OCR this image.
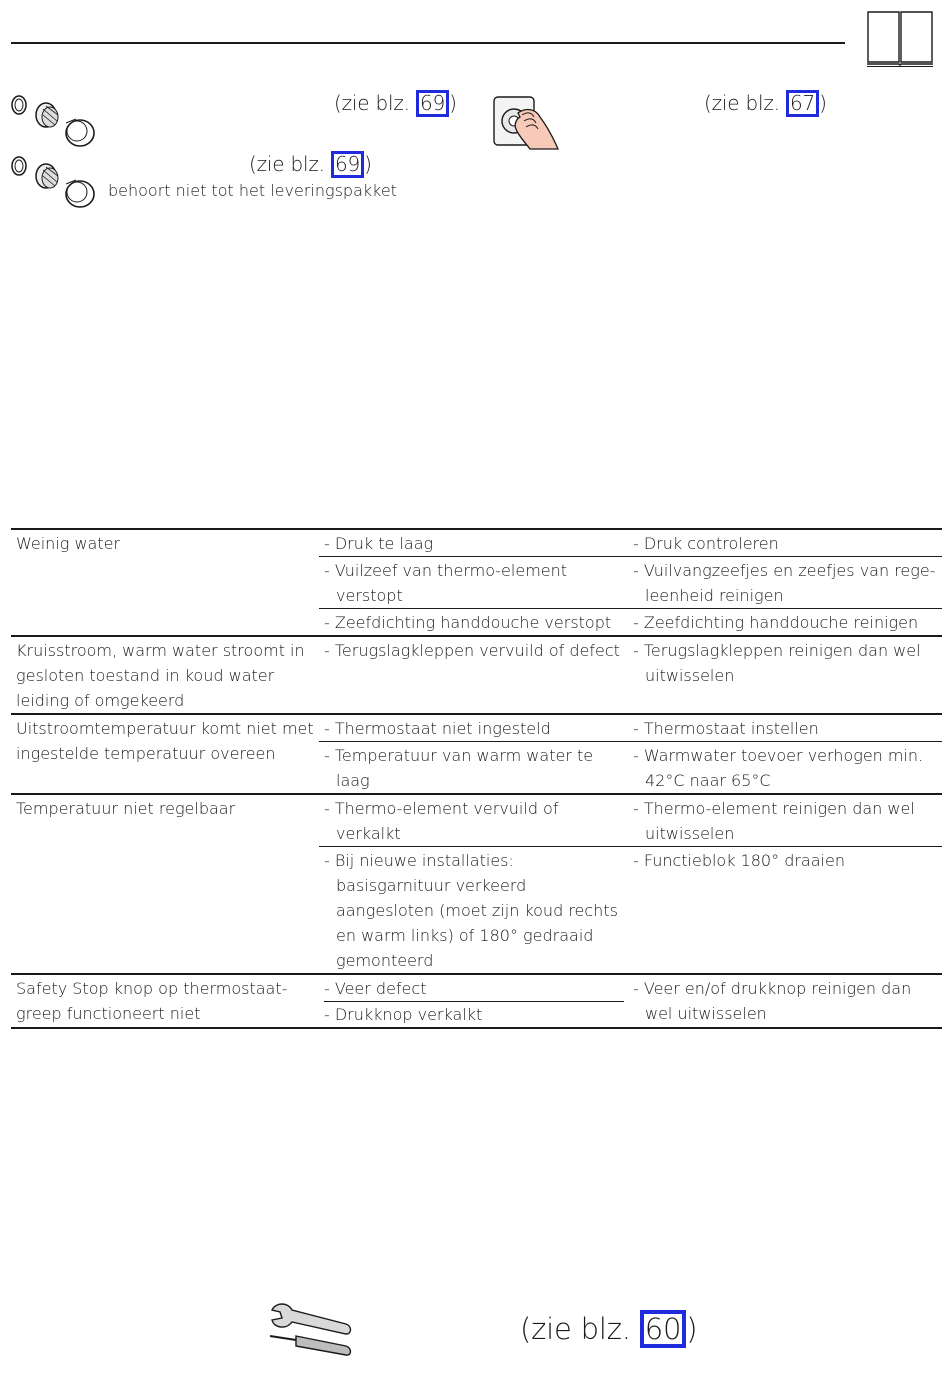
(zie blz. 69 )	(zie blz. 67 )
(zie blz. 69 )
behoort niet tot het leveringspakket
Weinig water	- Druk te laag	- Druk controleren

	- Vuilzeef van thermo-element verstopt	- Vuilvangzeefjes en zeefjes van rege-leenheid reinigen

	- Zeefdichting handdouche verstopt	- Zeefdichting handdouche reinigen

Kruisstroom, warm water stroomt in gesloten toestand in koud water leiding of omgekeerd	- Terugslagkleppen vervuild of defect	- Terugslagkleppen reinigen dan wel uitwisselen

Uitstroomtemperatuur komt niet met ingestelde temperatuur overeen	- Thermostaat niet ingesteld	- Thermostaat instellen

	- Temperatuur van warm water te laag	- Warmwater toevoer verhogen min. 42°C naar 65°C

Temperatuur niet regelbaar	- Thermo-element vervuild of verkalkt	- Thermo-element reinigen dan wel uitwisselen

	- Bij nieuwe installaties: basisgarnituur verkeerd aangesloten (moet zijn koud rechts en warm links) of 180° gedraaid gemonteerd	- Functieblok 180° draaien

Safety Stop knop op thermostaat-greep functioneert niet	- Veer defect
- Drukknop verkalkt	- Veer en/of drukknop reinigen dan wel uitwisselen
(zie blz. 60 )
